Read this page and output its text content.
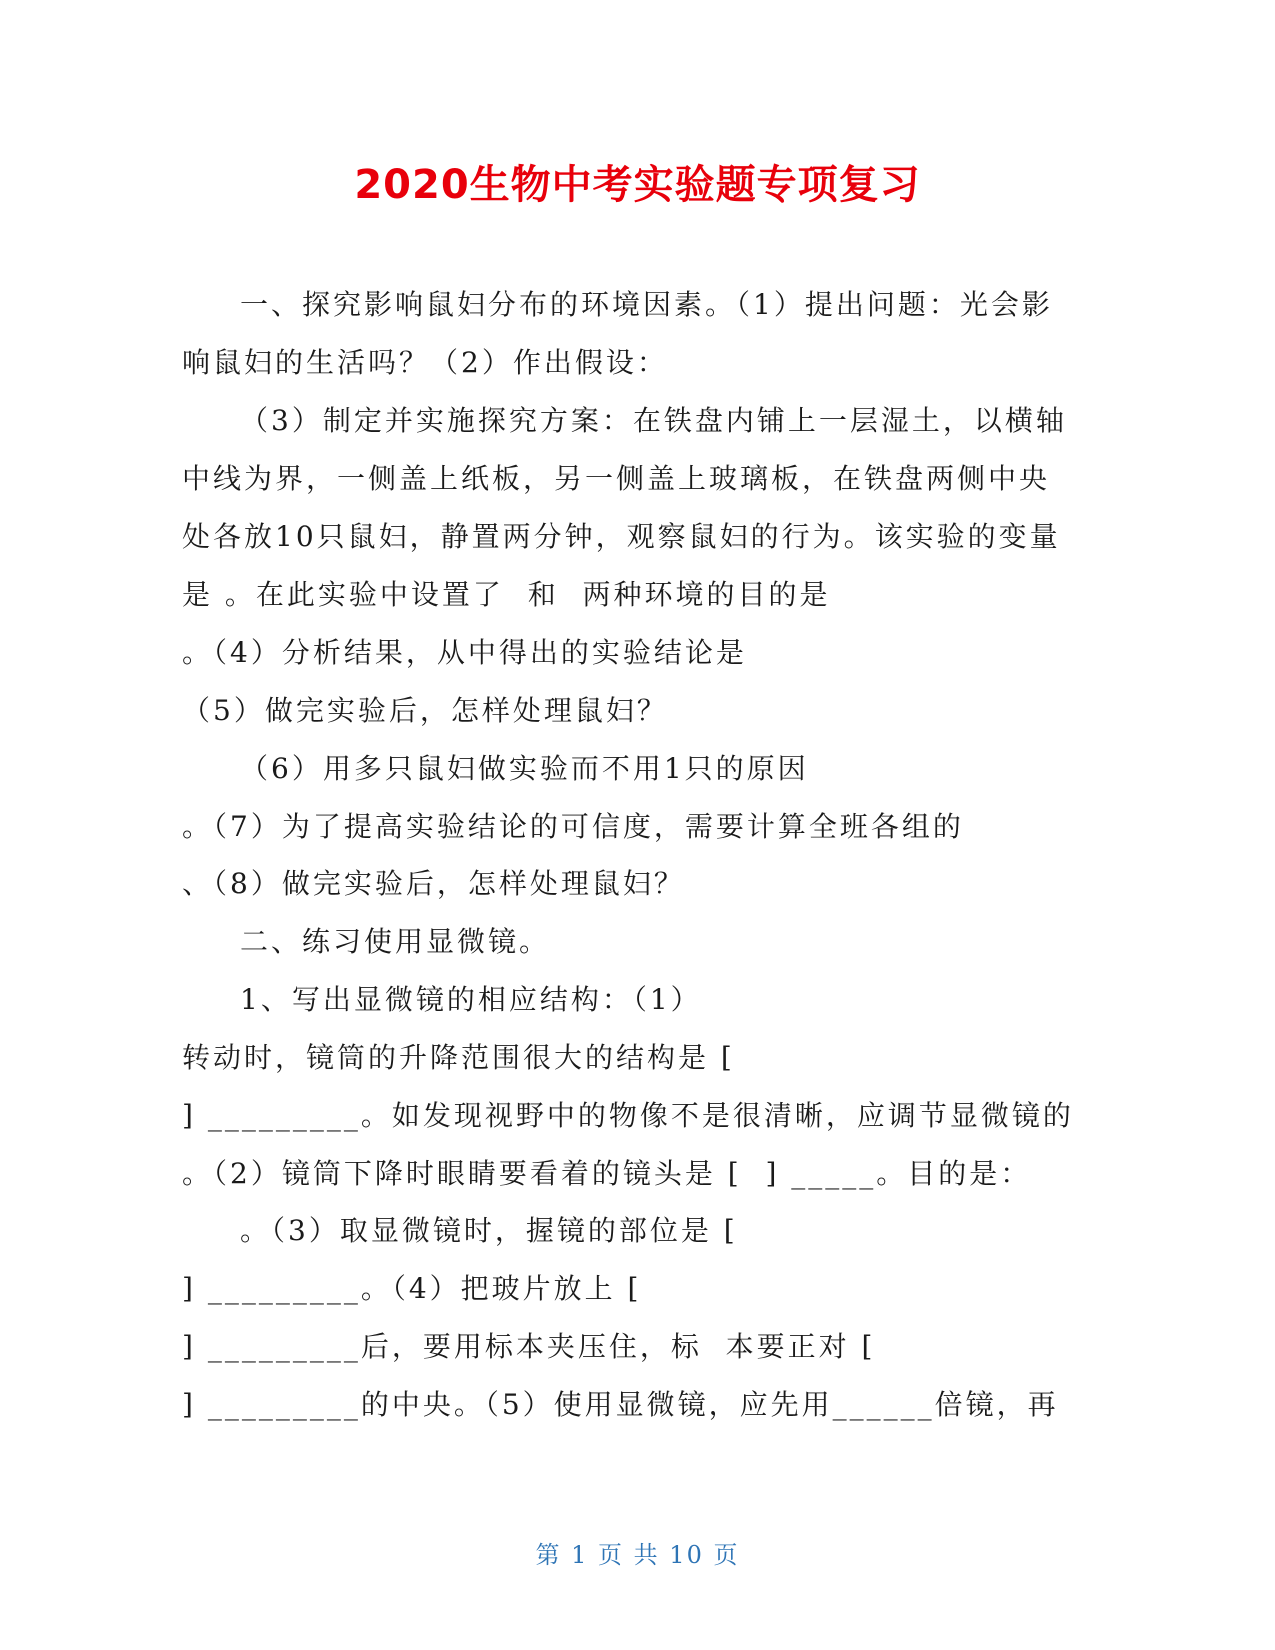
2020生物中考实验题专项复习
一、探究影响鼠妇分布的环境因素。（1）提出问题：光会影
响鼠妇的生活吗？（2）作出假设：
（3）制定并实施探究方案：在铁盘内铺上一层湿土，以横轴
中线为界，一侧盖上纸板，另一侧盖上玻璃板，在铁盘两侧中央
处各放10只鼠妇，静置两分钟，观察鼠妇的行为。该实验的变量
是 。在此实验中设置了  和  两种环境的目的是
。（4）分析结果，从中得出的实验结论是
（5）做完实验后，怎样处理鼠妇？
（6）用多只鼠妇做实验而不用1只的原因
。（7）为了提高实验结论的可信度，需要计算全班各组的
、（8）做完实验后，怎样处理鼠妇？
二、练习使用显微镜。
1、写出显微镜的相应结构：（1）
转动时，镜筒的升降范围很大的结构是 [
] _________。如发现视野中的物像不是很清晰，应调节显微镜的
。（2）镜筒下降时眼睛要看着的镜头是 [  ] _____。目的是：
。（3）取显微镜时，握镜的部位是 [
] _________。（4）把玻片放上 [
] _________后，要用标本夹压住，标  本要正对 [
] _________的中央。（5）使用显微镜，应先用______倍镜，再
第 1 页 共 10 页
